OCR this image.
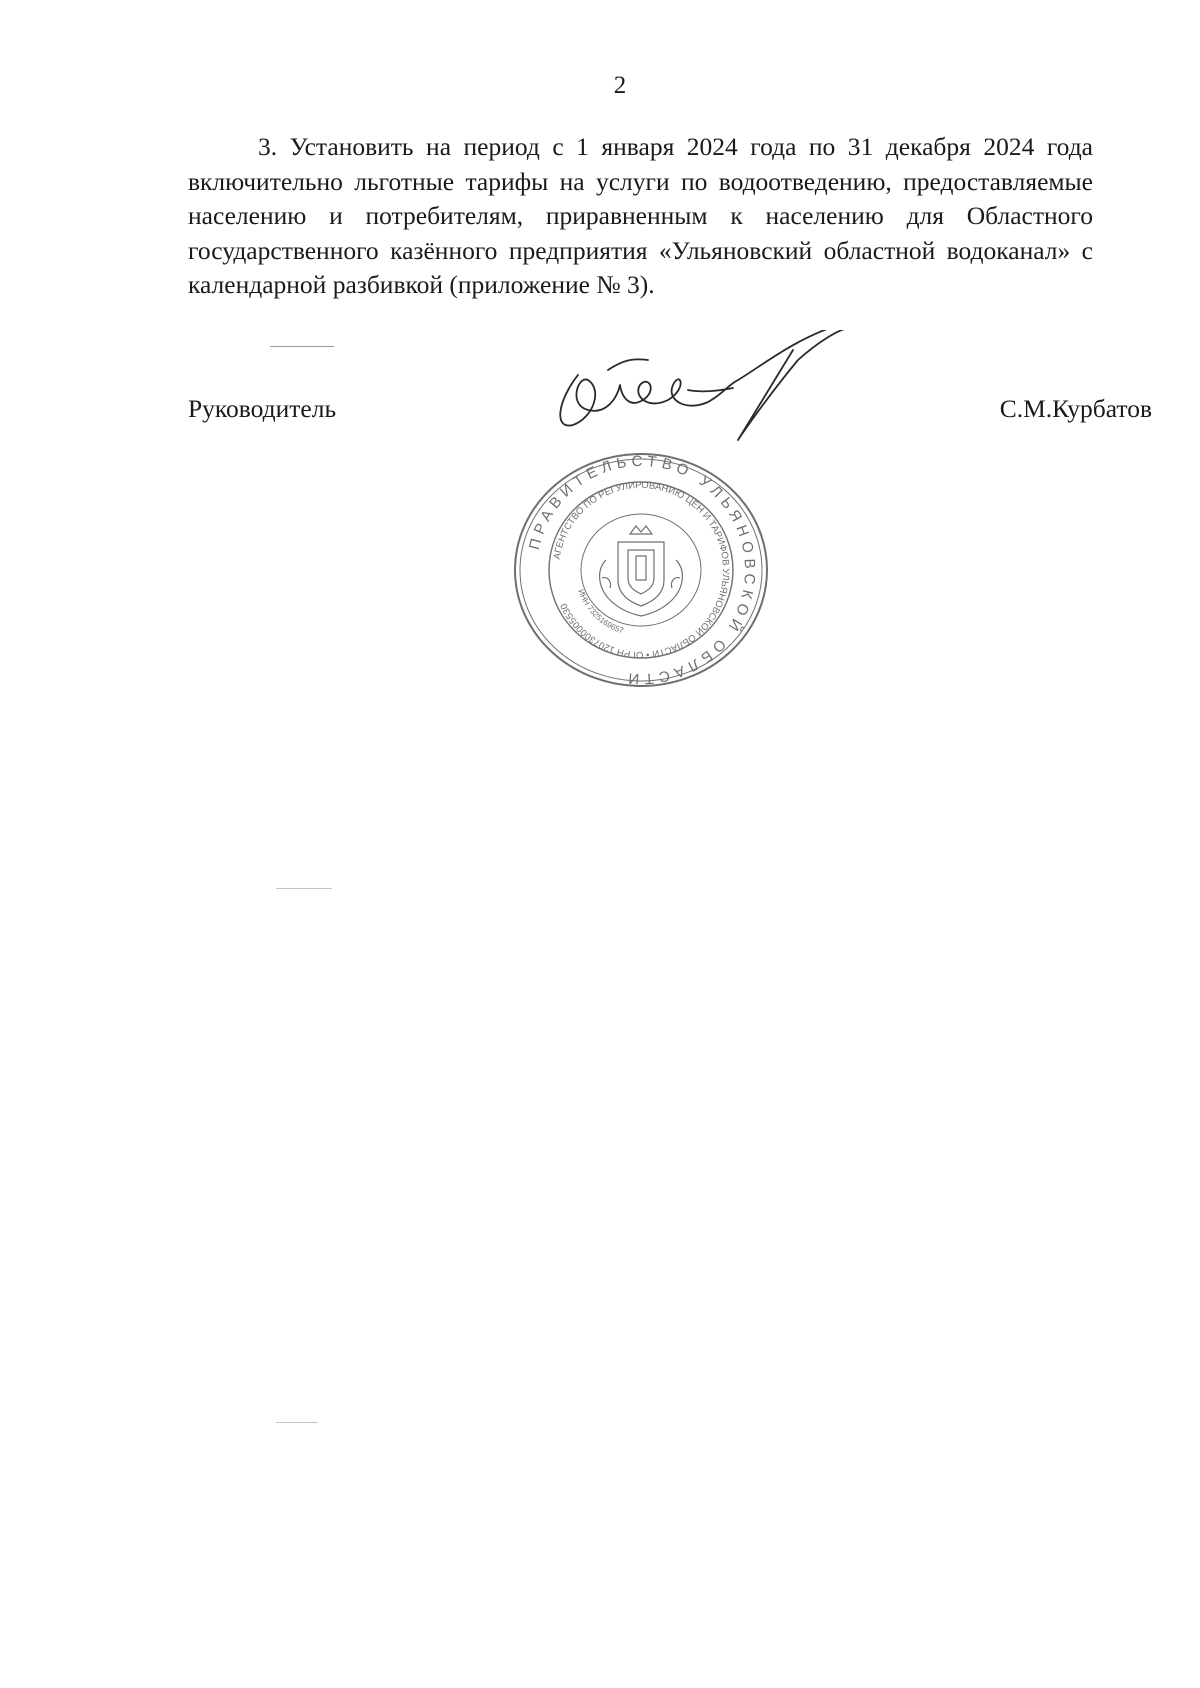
2

3. Установить на период с 1 января 2024 года по 31 декабря 2024 года включительно льготные тарифы на услуги по водоотведению, предоставляемые населению и потребителям, приравненным к населению для Областного государственного казённого предприятия «Ульяновский областной водоканал» с календарной разбивкой (приложение № 3).

Руководитель	С.М.Курбатов
ПРАВИТЕЛЬСТВО УЛЬЯНОВСКОЙ ОБЛАСТИ
АГЕНТСТВО ПО РЕГУЛИРОВАНИЮ ЦЕН И ТАРИФОВ УЛЬЯНОВСКОЙ ОБЛАСТИ • ОГРН 1207300005530
ИНН 7325169657
